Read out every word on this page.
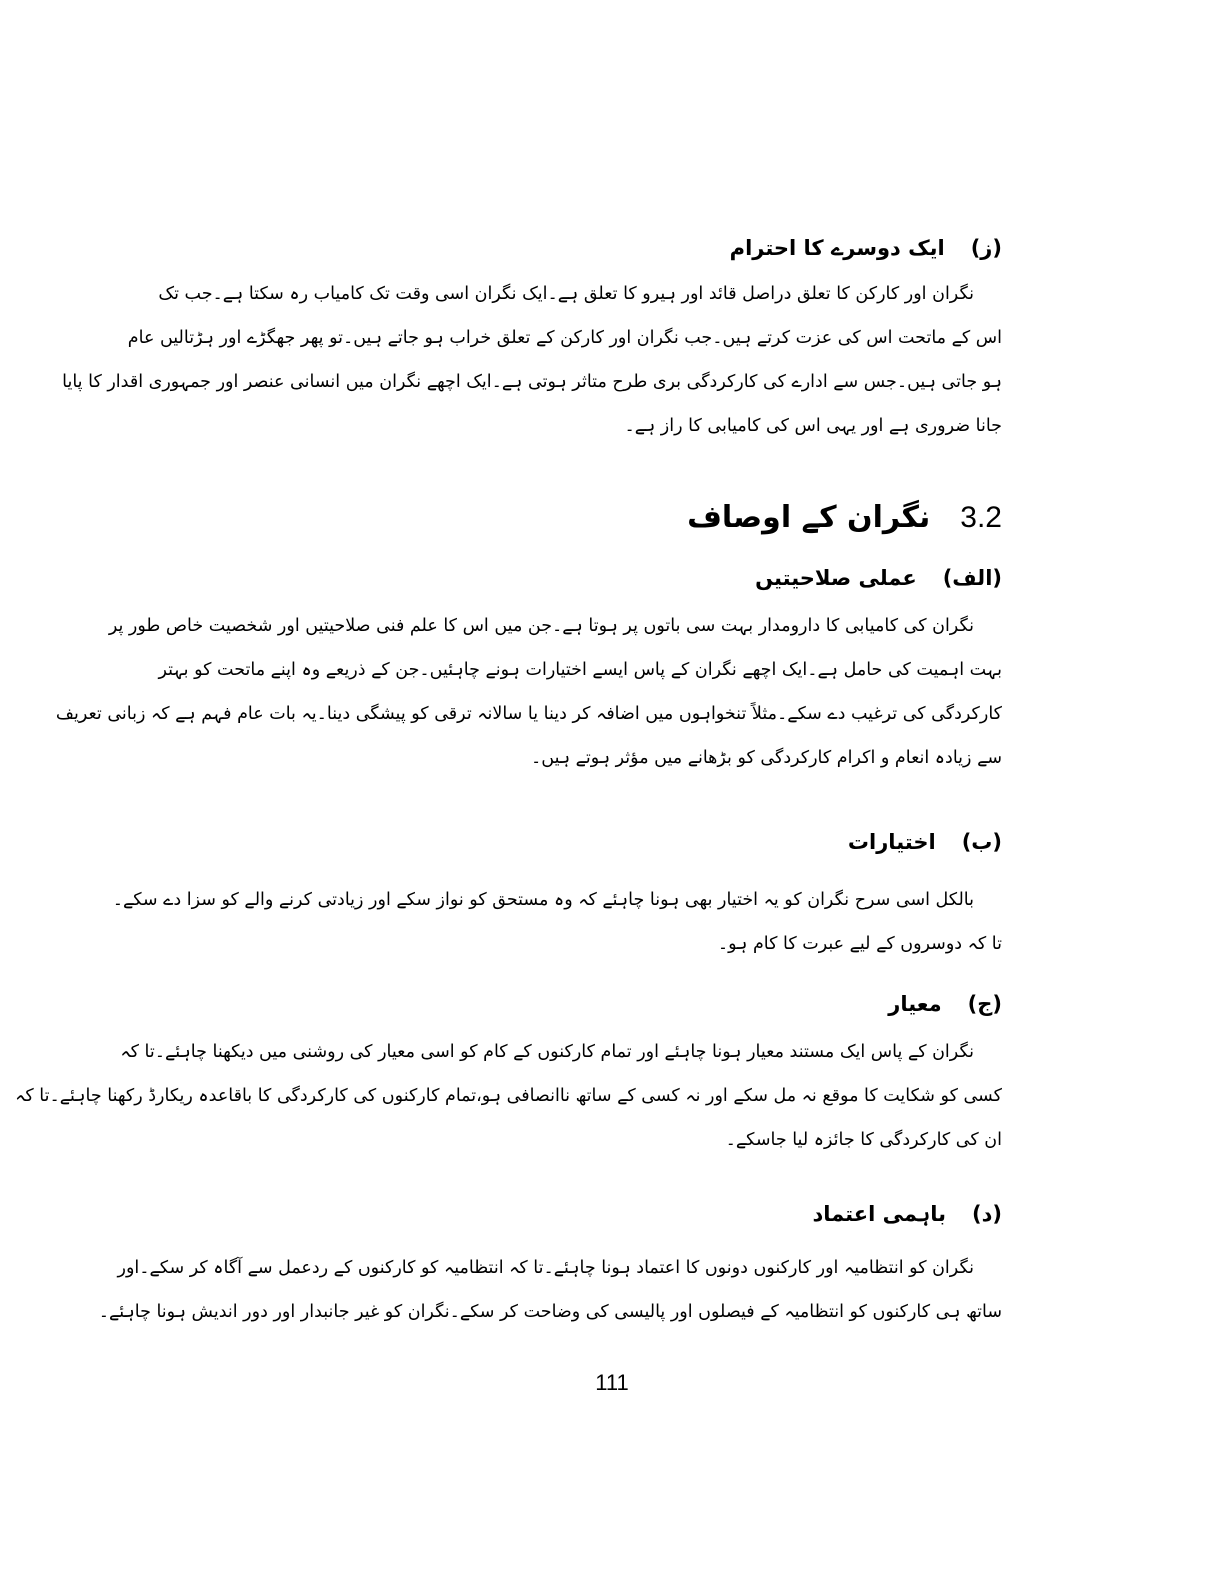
(ز)ایک دوسرے کا احترام
نگران اور کارکن کا تعلق دراصل قائد اور ہیرو کا تعلق ہے۔ایک نگران اسی وقت تک کامیاب رہ سکتا ہے۔جب تک
اس کے ماتحت اس کی عزت کرتے ہیں۔جب نگران اور کارکن کے تعلق خراب ہو جاتے ہیں۔تو پھر جھگڑے اور ہڑتالیں عام
ہو جاتی ہیں۔جس سے ادارے کی کارکردگی بری طرح متاثر ہوتی ہے۔ایک اچھے نگران میں انسانی عنصر اور جمہوری اقدار کا پایا
جانا ضروری ہے اور یہی اس کی کامیابی کا راز ہے۔
3.2نگران کے اوصاف
(الف)عملی صلاحیتیں
نگران کی کامیابی کا دارومدار بہت سی باتوں پر ہوتا ہے۔جن میں اس کا علم فنی صلاحیتیں اور شخصیت خاص طور پر
بہت اہمیت کی حامل ہے۔ایک اچھے نگران کے پاس ایسے اختیارات ہونے چاہئیں۔جن کے ذریعے وہ اپنے ماتحت کو بہتر
کارکردگی کی ترغیب دے سکے۔مثلاً تنخواہوں میں اضافہ کر دینا یا سالانہ ترقی کو پیشگی دینا۔یہ بات عام فہم ہے کہ زبانی تعریف
سے زیادہ انعام و اکرام کارکردگی کو بڑھانے میں مؤثر ہوتے ہیں۔
(ب)اختیارات
بالکل اسی سرح نگران کو یہ اختیار بھی ہونا چاہئے کہ وہ مستحق کو نواز سکے اور زیادتی کرنے والے کو سزا دے سکے۔
تا کہ دوسروں کے لیے عبرت کا کام ہو۔
(ج)معیار
نگران کے پاس ایک مستند معیار ہونا چاہئے اور تمام کارکنوں کے کام کو اسی معیار کی روشنی میں دیکھنا چاہئے۔تا کہ
کسی کو شکایت کا موقع نہ مل سکے اور نہ کسی کے ساتھ ناانصافی ہو،تمام کارکنوں کی کارکردگی کا باقاعدہ ریکارڈ رکھنا چاہئے۔تا کہ
ان کی کارکردگی کا جائزہ لیا جاسکے۔
(د)باہمی اعتماد
نگران کو انتظامیہ اور کارکنوں دونوں کا اعتماد ہونا چاہئے۔تا کہ انتظامیہ کو کارکنوں کے ردعمل سے آگاہ کر سکے۔اور
ساتھ ہی کارکنوں کو انتظامیہ کے فیصلوں اور پالیسی کی وضاحت کر سکے۔نگران کو غیر جانبدار اور دور اندیش ہونا چاہئے۔
111
